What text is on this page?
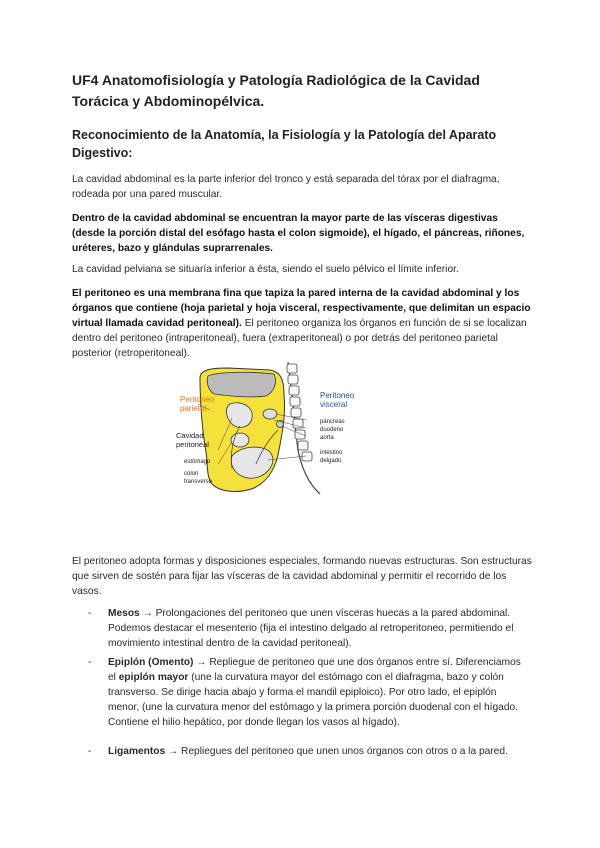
UF4 Anatomofisiología y Patología Radiológica de la Cavidad Torácica y Abdominopélvica.
Reconocimiento de la Anatomía, la Fisiología y la Patología del Aparato Digestivo:
La cavidad abdominal es la parte inferior del tronco y está separada del tórax por el diafragma, rodeada por una pared muscular.
Dentro de la cavidad abdominal se encuentran la mayor parte de las vísceras digestivas (desde la porción distal del esófago hasta el colon sigmoide), el hígado, el páncreas, riñones, uréteres, bazo y glándulas suprarrenales.
La cavidad pelviana se situaría inferior a ésta, siendo el suelo pélvico el límite inferior.
El peritoneo es una membrana fina que tapiza la pared interna de la cavidad abdominal y los órganos que contiene (hoja parietal y hoja visceral, respectivamente, que delimitan un espacio virtual llamada cavidad peritoneal). El peritoneo organiza los órganos en función de si se localizan dentro del peritoneo (intraperitoneal), fuera (extraperitoneal) o por detrás del peritoneo parietal posterior (retroperitoneal).
Peritoneo
parietal
Peritoneo
visceral
Cavidad
peritoneal
estómago
colon
transverso
páncreas
duodeno
aorta
intestino
delgado
El peritoneo adopta formas y disposiciones especiales, formando nuevas estructuras. Son estructuras que sirven de sostén para fijar las vísceras de la cavidad abdominal y permitir el recorrido de los vasos.
- Mesos → Prolongaciones del peritoneo que unen vísceras huecas a la pared abdominal. Podemos destacar el mesenterio (fija el intestino delgado al retroperitoneo, permitiendo el movimiento intestinal dentro de la cavidad peritoneal).
- Epiplón (Omento) → Repliegue de peritoneo que une dos órganos entre sí. Diferenciamos el epiplón mayor (une la curvatura mayor del estómago con el diafragma, bazo y colón transverso. Se dirige hacia abajo y forma el mandil epiploico). Por otro lado, el epiplón menor, (une la curvatura menor del estómago y la primera porción duodenal con el hígado. Contiene el hilio hepático, por donde llegan los vasos al hígado).
- Ligamentos → Repliegues del peritoneo que unen unos órganos con otros o a la pared.
